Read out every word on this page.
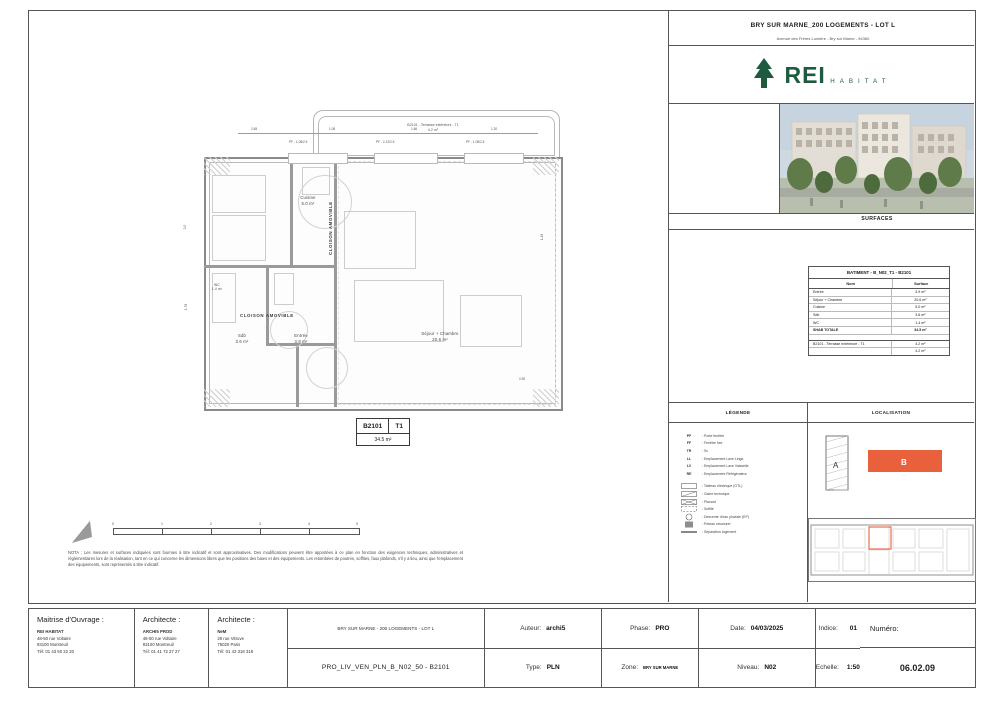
B2101 - Terrasse extérieurs - T1
4.2 m²
PF - 1.08/2.5	PF - 2.12/2.5	PF - 1.08/2.5
2.65	1.08	1.66	1.20
2.0
1.78
1.48
0.90
CLOISON AMOVIBLE
CLOISON AMOVIBLE
Cuisine
5.0 m²
Sdb
3.6 m²
Entrée
3.9 m²
Séjour + Chambre
20.6 m²
WC
1.4 m²
B2101	T1
34.5 m²
0	1	2	3	4	5
NOTA : Les mesures et surfaces indiquées sont fournies à titre indicatif et sont approximatives. Des modifications peuvent être apportées à ce plan en fonction des exigences techniques, administratives et réglementaires lors de la réalisation, tant en ce qui concerne les dimensions libres que les positions des baies et des équipements. Les retombées de poutres, soffites, faux plafonds, s'il y a lieu, ainsi que l'emplacement des équipements, sont représentés à titre indicatif.
BRY SUR MARNE_200 LOGEMENTS - LOT L
Avenue des Frères Lumière - Bry sur Marne - 94360
REI HABITAT
SURFACES
BATIMENT - B_N02_T1 - B2101
Nom	Surface
Entrée	3.9 m²
Séjour + Chambre	20.6 m²
Cuisine	5.0 m²
Sdb	3.6 m²
WC	1.4 m²
SHAB TOTALE	34.5 m²
B2101 - Terrasse extérieure - T1	4.2 m²
4.2 m²
LÉGENDE	LOCALISATION
PF	: Porte fenêtre
FF	: Fenêtre fixe
TR	: Sv
LL	: Emplacement Lave Linge
LV	: Emplacement Lave Vaisselle
RE	: Emplacement Réfrigérateur
: Tableau électrique (GTL)
: Gaine technique
: Placard
: Soffite
: Descente d'eau pluviale (EP)
: Poteau structurel
: Séparation logement
A	B
Maitrise d'Ouvrage :
REI HABITAT
48-50 rue Voltaire
93100 Montreuil
Tél: 01 43 60 22 20
Architecte :
ARCHI5 PROD
48-50 rue Voltaire
93100 Montreuil
Tél: 01 41 72 27 27
Architecte :
NeM
29 rue Vitruve
75020 Paris
Tél: 01 43 318 318
BRY SUR MARNE - 200 LOGEMENTS - LOT L	Auteur: archi5	Phase: PRO	Date: 04/03/2025	Indice: 01
PRO_LIV_VEN_PLN_B_N02_50 - B2101	Type: PLN	Zone: BRY SUR MARNE	Niveau: N02	Echelle: 1:50
Numéro:
06.02.09
